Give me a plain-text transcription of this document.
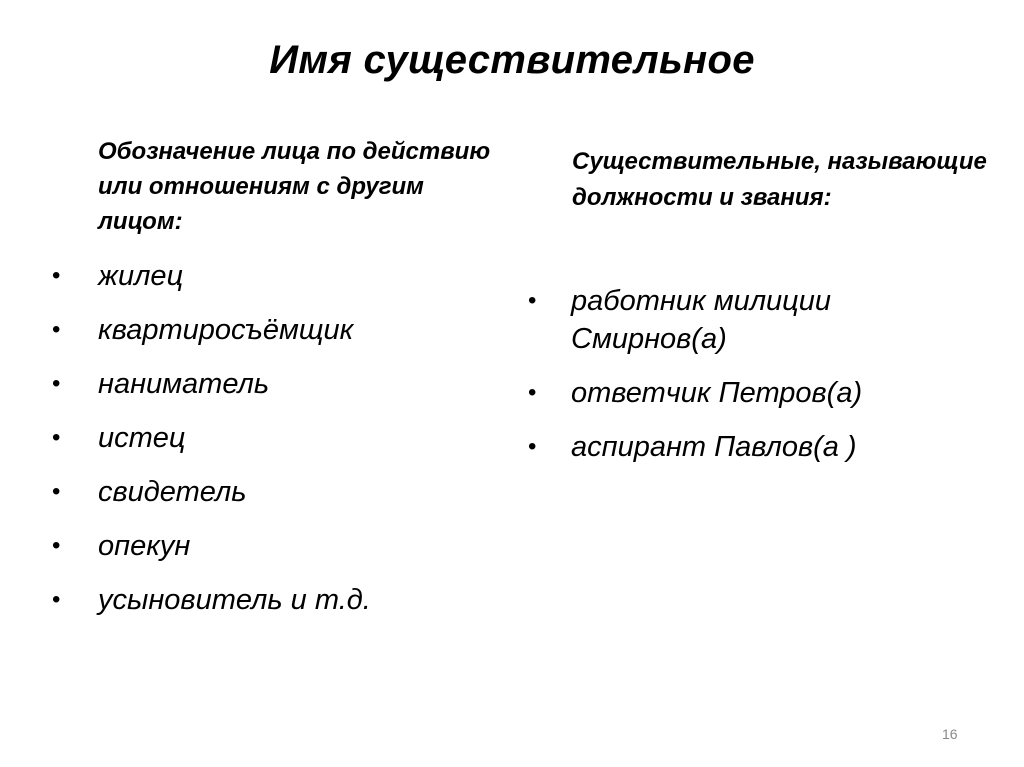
Имя существительное

Обозначение лица по действию или отношениям с другим лицом:

• жилец
• квартиросъёмщик
• наниматель
• истец
• свидетель
• опекун
• усыновитель и т.д.

Существительные, называющие должности и звания:

• работник милиции Смирнов(а)
• ответчик Петров(а)
• аспирант Павлов(а )
16
